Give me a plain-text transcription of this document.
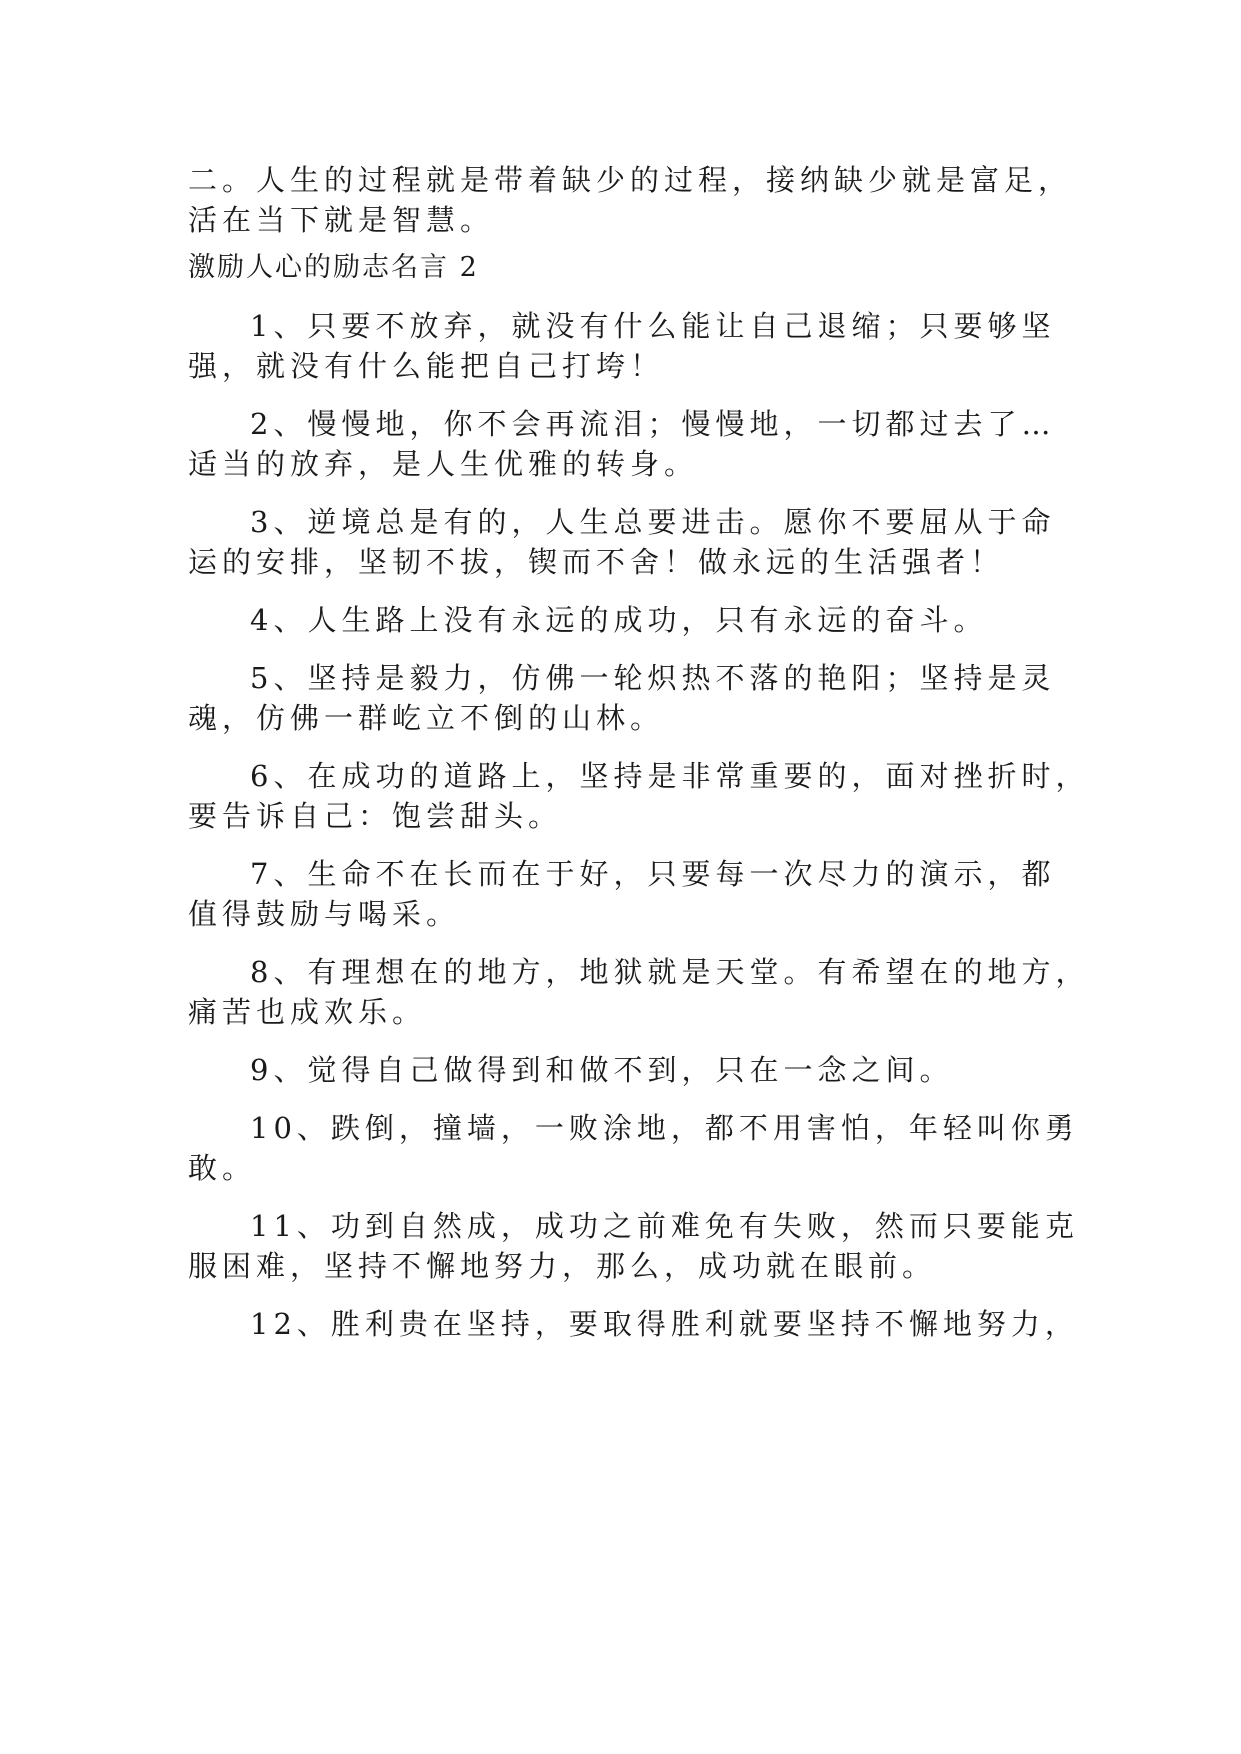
二。人生的过程就是带着缺少的过程，接纳缺少就是富足，
活在当下就是智慧。
激励人心的励志名言 2
1、只要不放弃，就没有什么能让自己退缩；只要够坚
强，就没有什么能把自己打垮！
2、慢慢地，你不会再流泪；慢慢地，一切都过去了…
适当的放弃，是人生优雅的转身。
3、逆境总是有的，人生总要进击。愿你不要屈从于命
运的安排，坚韧不拔，锲而不舍！做永远的生活强者！
4、人生路上没有永远的成功，只有永远的奋斗。
5、坚持是毅力，仿佛一轮炽热不落的艳阳；坚持是灵
魂，仿佛一群屹立不倒的山林。
6、在成功的道路上，坚持是非常重要的，面对挫折时，
要告诉自己：饱尝甜头。
7、生命不在长而在于好，只要每一次尽力的演示，都
值得鼓励与喝采。
8、有理想在的地方，地狱就是天堂。有希望在的地方，
痛苦也成欢乐。
9、觉得自己做得到和做不到，只在一念之间。
10、跌倒，撞墙，一败涂地，都不用害怕，年轻叫你勇
敢。
11、功到自然成，成功之前难免有失败，然而只要能克
服困难，坚持不懈地努力，那么，成功就在眼前。
12、胜利贵在坚持，要取得胜利就要坚持不懈地努力，
